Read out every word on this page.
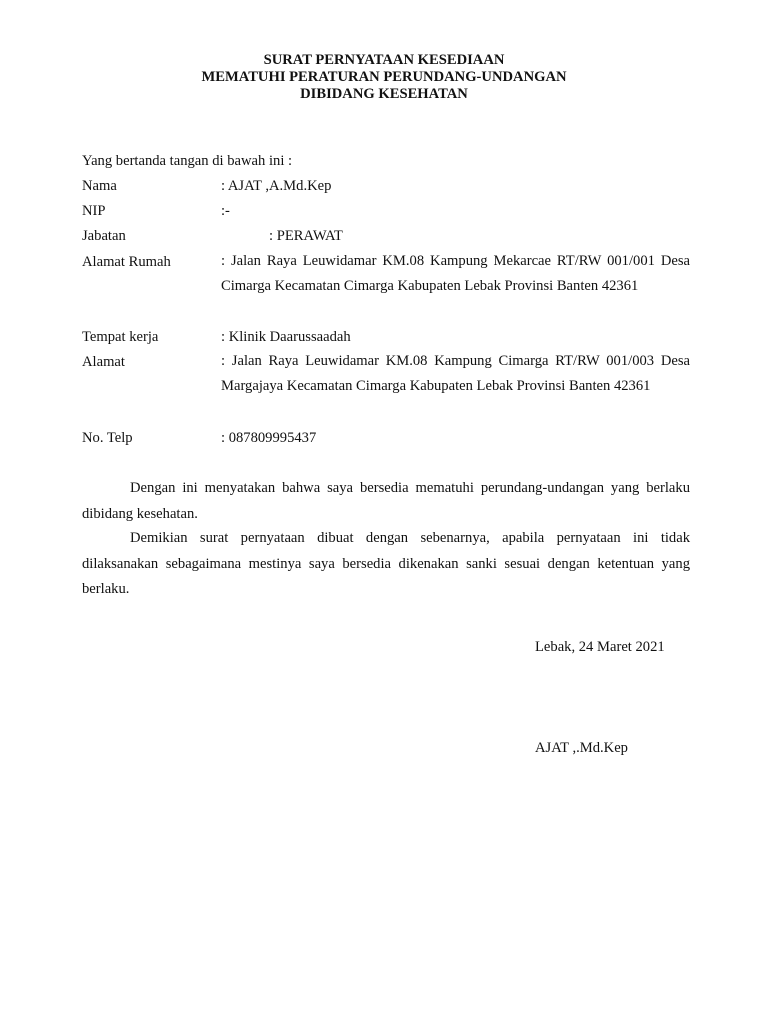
SURAT PERNYATAAN KESEDIAAN
MEMATUHI PERATURAN PERUNDANG-UNDANGAN
DIBIDANG KESEHATAN
Yang bertanda tangan di bawah ini :
Nama	: AJAT ,A.Md.Kep
NIP	:-
Jabatan	: PERAWAT
Alamat Rumah	: Jalan Raya Leuwidamar KM.08 Kampung Mekarcae RT/RW 001/001 Desa Cimarga Kecamatan Cimarga Kabupaten Lebak Provinsi Banten 42361
Tempat kerja	: Klinik Daarussaadah
Alamat	: Jalan Raya Leuwidamar KM.08 Kampung Cimarga RT/RW 001/003 Desa Margajaya Kecamatan Cimarga Kabupaten Lebak Provinsi Banten 42361
No. Telp	: 087809995437
Dengan ini menyatakan bahwa saya bersedia mematuhi perundang-undangan yang berlaku dibidang kesehatan.
Demikian surat pernyataan dibuat dengan sebenarnya, apabila pernyataan ini tidak dilaksanakan sebagaimana mestinya saya bersedia dikenakan sanki sesuai dengan ketentuan yang berlaku.
Lebak, 24 Maret 2021
AJAT ,.Md.Kep
